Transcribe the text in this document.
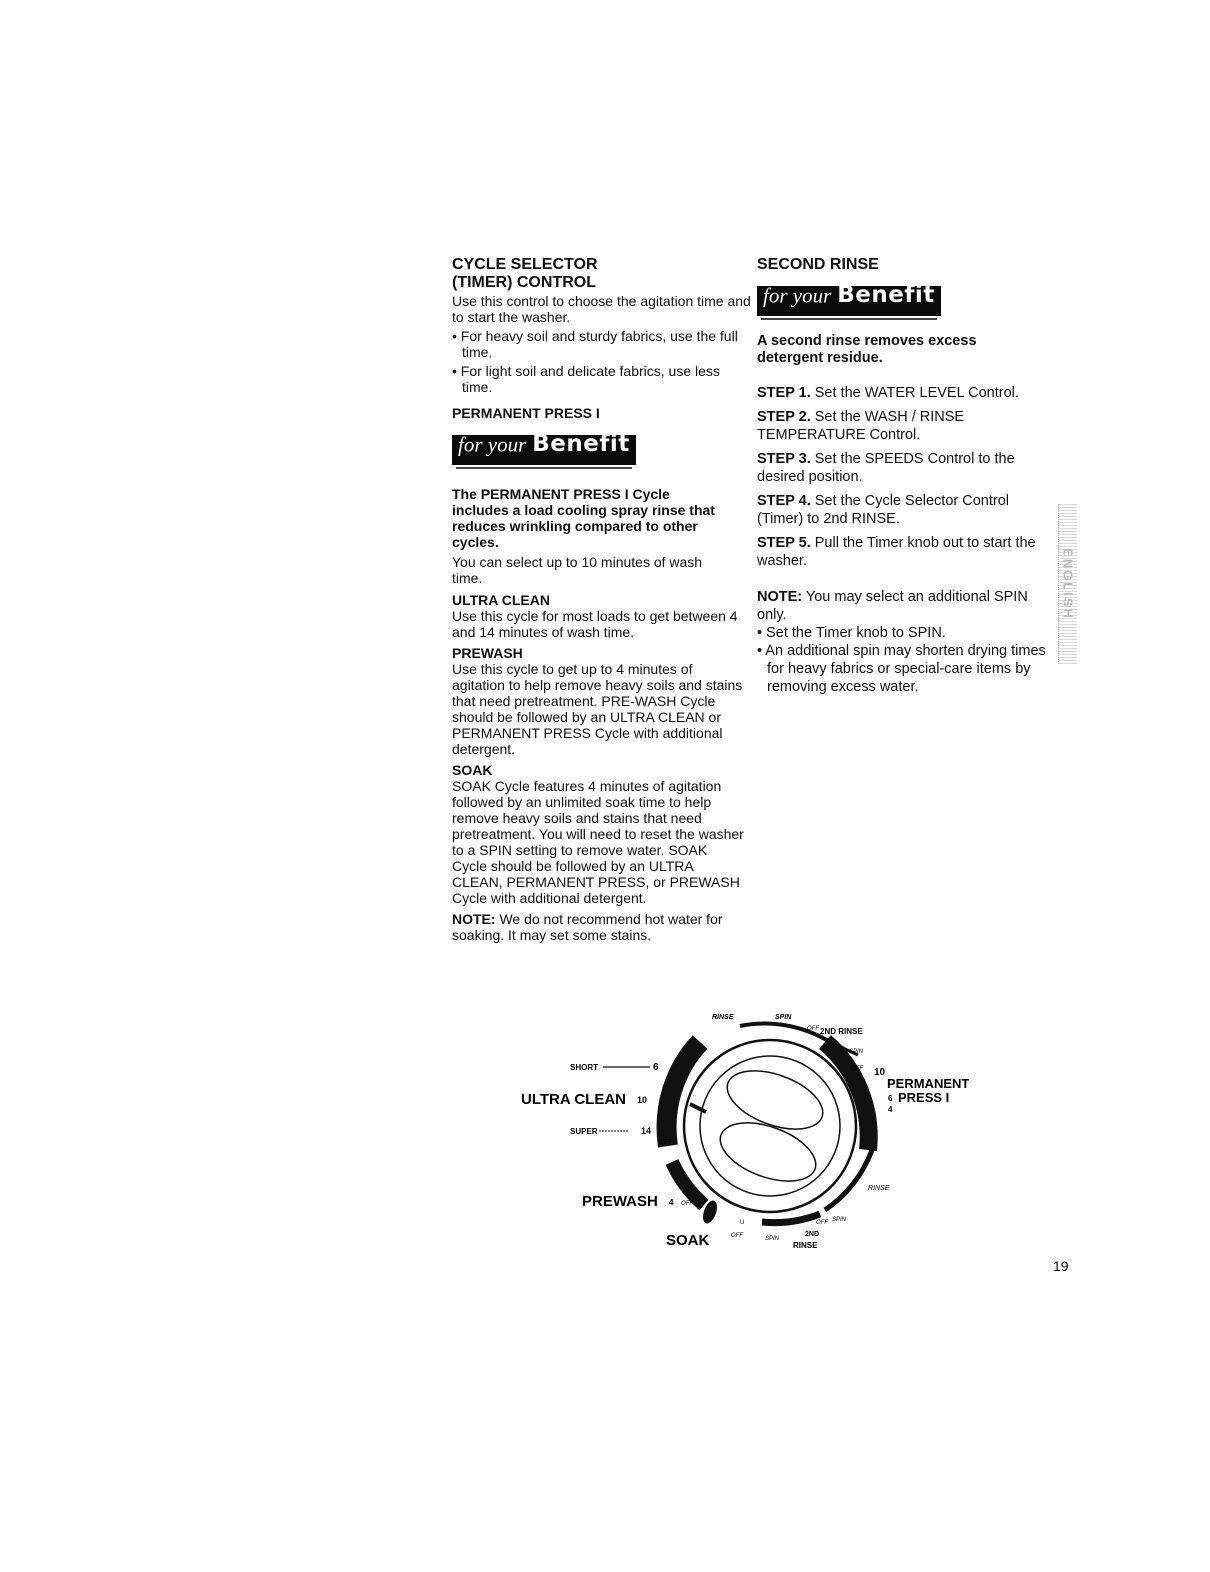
CYCLE SELECTOR

(TIMER) CONTROL

Use this control to choose the agitation time and to start the washer.

• For heavy soil and sturdy fabrics, use the full time.

• For light soil and delicate fabrics, use less time.

PERMANENT PRESS I

for your Benefit

The PERMANENT PRESS I Cycle includes a load cooling spray rinse that reduces wrinkling compared to other cycles.

You can select up to 10 minutes of wash time.

ULTRA CLEAN

Use this cycle for most loads to get between 4 and 14 minutes of wash time.

PREWASH

Use this cycle to get up to 4 minutes of agitation to help remove heavy soils and stains that need pretreatment. PRE-WASH Cycle should be followed by an ULTRA CLEAN or PERMANENT PRESS Cycle with additional detergent.

SOAK

SOAK Cycle features 4 minutes of agitation followed by an unlimited soak time to help remove heavy soils and stains that need pretreatment. You will need to reset the washer to a SPIN setting to remove water. SOAK Cycle should be followed by an ULTRA CLEAN, PERMANENT PRESS, or PREWASH Cycle with additional detergent.

NOTE: We do not recommend hot water for soaking. It may set some stains.

SECOND RINSE

for your Benefit

A second rinse removes excess detergent residue.

STEP 1. Set the WATER LEVEL Control.

STEP 2. Set the WASH / RINSE TEMPERATURE Control.

STEP 3. Set the SPEEDS Control to the desired position.

STEP 4. Set the Cycle Selector Control (Timer) to 2nd RINSE.

STEP 5. Pull the Timer knob out to start the washer.

NOTE: You may select an additional SPIN only.

• Set the Timer knob to SPIN.

• An additional spin may shorten drying times for heavy fabrics or special-care items by removing excess water.

ENGLISH
RINSE	SPIN
OFF 2ND RINSE
SPIN
OFF 10
PERMANENT
6 PRESS I
4
RINSE
SHORT	6
ULTRA CLEAN 10
SUPER	14
OFF
PREWASH 4 OFF
SOAK	OFF
U
SPIN
2ND
RINSE
OFF SPIN
19
